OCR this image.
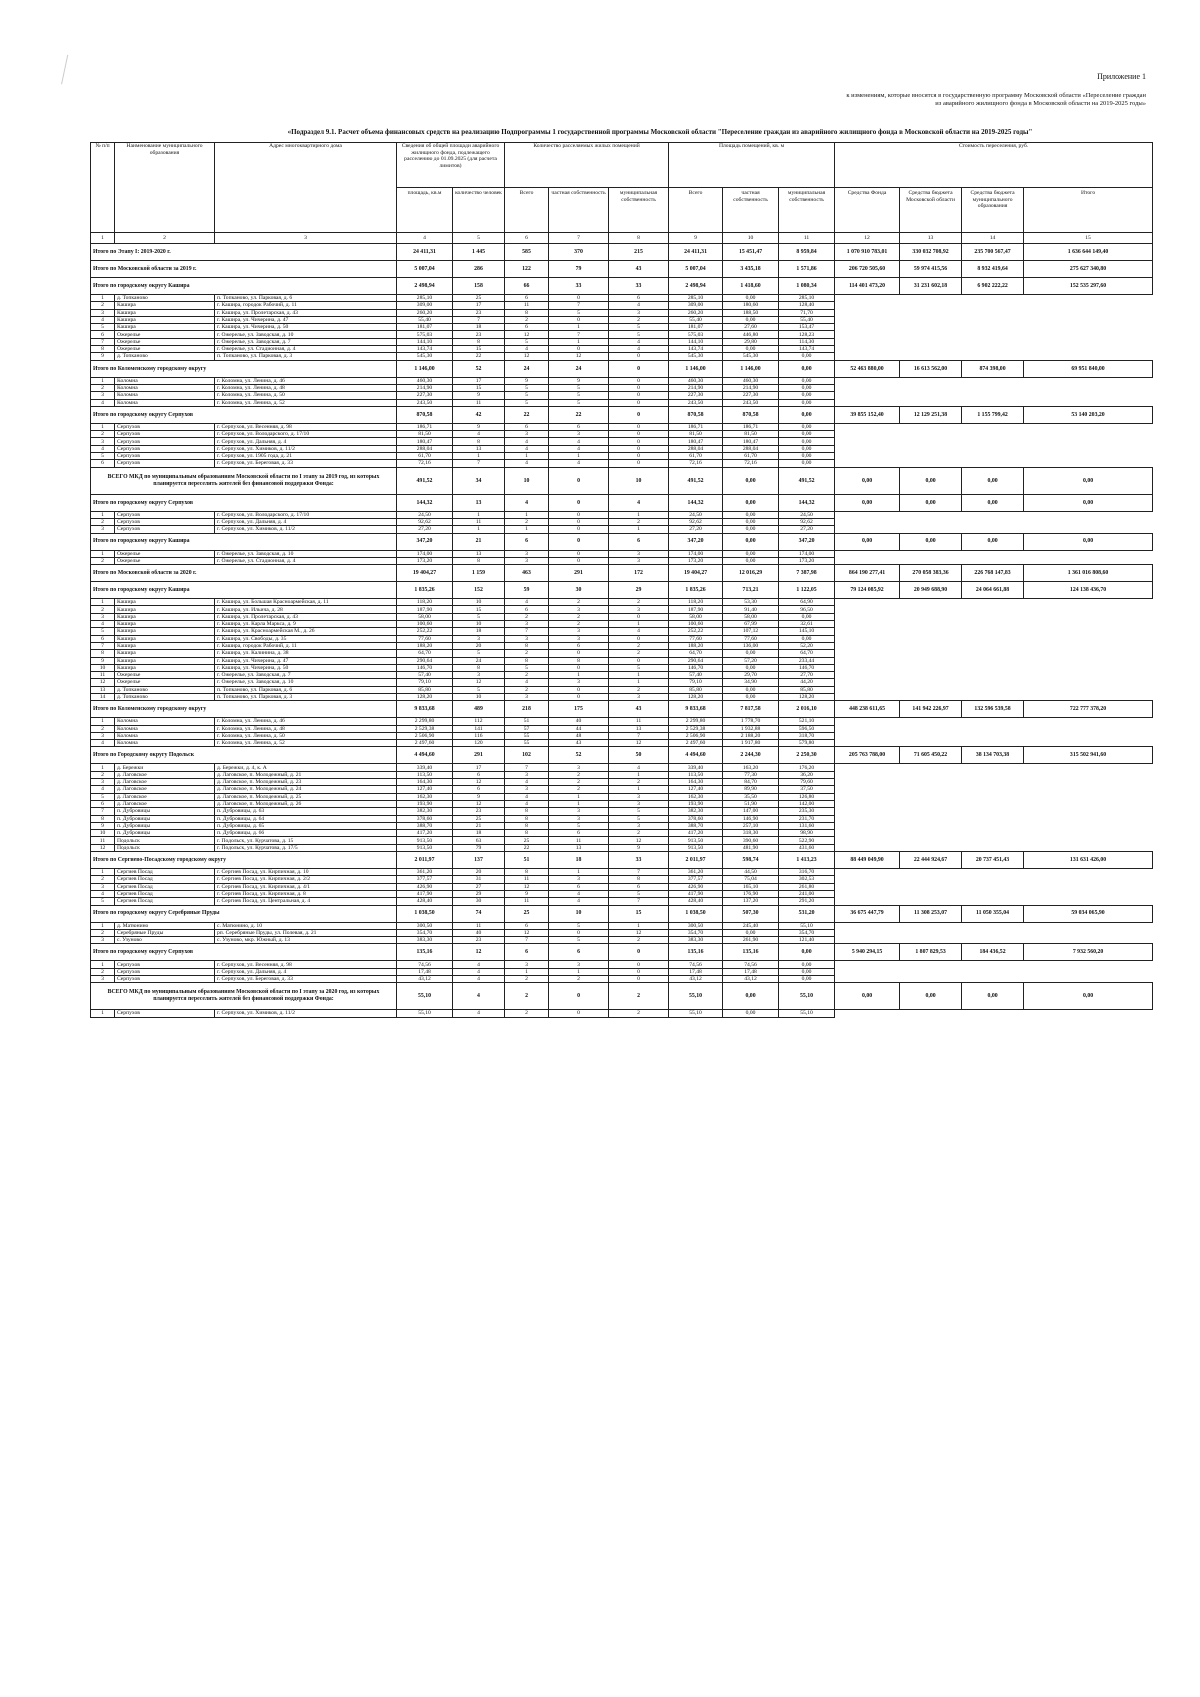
Приложение 1
к изменениям, которые вносятся в государственную программу Московской области «Переселение граждан из аварийного жилищного фонда в Московской области на 2019-2025 годы»
«Подраздел 9.1. Расчет объема финансовых средств на реализацию Подпрограммы 1 государственной программы Московской области "Переселение граждан из аварийного жилищного фонда в Московской области на 2019-2025 годы"
№ п/п	Наименование муниципального образования	Адрес многоквартирного дома	Сведения об общей площади аварийного жилищного фонда, подлежащего расселению до 01.09.2025 (для расчета лимитов)		Количество расселяемых жилых помещений			Площадь помещений, кв. м			Стоимость переселения, руб.			
			площадь, кв.м	количество человек	Всего	частная собственность	муниципальная собственность	Всего	частная собственность	муниципальная собственность	Средства Фонда	Средства бюджета Московской области	Средства бюджета муниципального образования	Итого
1	2	3	4	5	6	7	8	9	10	11	12	13	14	15
Итого по Этапу I: 2019-2020 г.			24 411,31	1 445	585	370	215	24 411,31	15 451,47	8 959,84	1 070 910 783,01	330 032 708,92	235 700 567,47	1 636 644 149,40
Итого по Московской области за 2019 г.			5 007,04	286	122	79	43	5 007,04	3 435,18	1 571,86	206 720 505,60	59 974 415,56	8 932 419,64	275 627 340,80
Итого по городскому округу Кашира			2 498,94	158	66	33	33	2 498,94	1 418,60	1 080,34	114 401 473,20	31 231 602,18	6 902 222,22	152 535 297,60
1	д. Топканово	п. Топканово, ул. Парковая, д. 6	285,10	25	6	0	6	285,10	0,00	285,10				
2	Кашира	г. Кашира, городок Рабочий, д. 11	309,00	17	11	7	4	309,00	180,60	128,40				
3	Кашира	г. Кашира, ул. Пролетарская, д. 43	260,20	23	8	5	3	260,20	188,50	71,70				
4	Кашира	г. Кашира, ул. Чичерина, д. 47	55,40	7	2	0	2	55,40	0,00	55,40				
5	Кашира	г. Кашира, ул. Чичерина, д. 50	181,07	18	6	1	5	181,07	27,60	153,47				
6	Ожерелье	г. Ожерелье, ул. Заводская, д. 10	575,03	23	12	7	5	575,03	446,80	128,23				
7	Ожерелье	г. Ожерелье, ул. Заводская, д. 7	144,10	8	5	1	4	144,10	29,80	114,30				
8	Ожерелье	г. Ожерелье, ул. Стадионная, д. 4	143,74	15	4	0	4	143,74	0,00	143,74				
9	д. Топканово	п. Топканово, ул. Парковая, д. 3	545,30	22	12	12	0	545,30	545,30	0,00				
Итого по Коломенскому городскому округу			1 146,00	52	24	24	0	1 146,00	1 146,00	0,00	52 463 880,00	16 613 562,00	874 398,00	69 951 840,00
1	Коломна	г. Коломна, ул. Ленина, д. 46	460,30	17	9	9	0	460,30	460,30	0,00				
2	Коломна	г. Коломна, ул. Ленина, д. 48	214,90	15	5	5	0	214,90	214,90	0,00				
3	Коломна	г. Коломна, ул. Ленина, д. 50	227,30	9	5	5	0	227,30	227,30	0,00				
4	Коломна	г. Коломна, ул. Ленина, д. 52	243,50	11	5	5	0	243,50	243,50	0,00				
Итого по городскому округу Серпухов			870,58	42	22	22	0	870,58	870,58	0,00	39 855 152,40	12 129 251,38	1 155 799,42	53 140 203,20
1	Серпухов	г. Серпухов, ул. Весенняя, д. 98	186,71	9	6	6	0	186,71	186,71	0,00				
2	Серпухов	г. Серпухов, ул. Володарского, д. 17/10	81,50	4	3	3	0	81,50	81,50	0,00				
3	Серпухов	г. Серпухов, ул. Дальняя, д. 4	180,47	8	4	4	0	180,47	180,47	0,00				
4	Серпухов	г. Серпухов, ул. Химиков, д. 11/2	288,04	13	4	4	0	288,04	288,04	0,00				
5	Серпухов	г. Серпухов, ул. 1905 года, д. 21	61,70	1	1	1	0	61,70	61,70	0,00				
6	Серпухов	г. Серпухов, ул. Береговая, д. 33	72,16	7	4	4	0	72,16	72,16	0,00				
ВСЕГО МКД по муниципальным образованиям Московской области по I этапу за 2019 год, из которых планируется переселить жителей без финансовой поддержки Фонда:			491,52	34	10	0	10	491,52	0,00	491,52	0,00	0,00	0,00	0,00
Итого по городскому округу Серпухов			144,32	13	4	0	4	144,32	0,00	144,32	0,00	0,00	0,00	0,00
1	Серпухов	г. Серпухов, ул. Володарского, д. 17/10	24,50	1	1	0	1	24,50	0,00	24,50				
2	Серпухов	г. Серпухов, ул. Дальняя, д. 4	92,62	11	2	0	2	92,62	0,00	92,62				
3	Серпухов	г. Серпухов, ул. Химиков, д. 11/2	27,20	1	1	0	1	27,20	0,00	27,20				
Итого по городскому округу Кашира			347,20	21	6	0	6	347,20	0,00	347,20	0,00	0,00	0,00	0,00
1	Ожерелье	г. Ожерелье, ул. Заводская, д. 10	174,00	13	3	0	3	174,00	0,00	174,00				
2	Ожерелье	г. Ожерелье, ул. Стадионная, д. 4	173,20	8	3	0	3	173,20	0,00	173,20				
Итого по Московской области за 2020 г.			19 404,27	1 159	463	291	172	19 404,27	12 016,29	7 387,98	864 190 277,41	270 058 383,36	226 768 147,83	1 361 016 808,60
Итого по городскому округу Кашира			1 835,26	152	59	30	29	1 835,26	713,21	1 122,05	79 124 085,92	20 949 688,90	24 064 661,88	124 138 436,70
1	Кашира	г. Кашира, ул. Большая Красноармейская, д. 11	118,20	10	4	2	2	118,20	53,30	64,90				
2	Кашира	г. Кашира, ул. Ильича, д. 28	187,90	15	6	3	3	187,90	91,40	96,50				
3	Кашира	г. Кашира, ул. Пролетарская, д. 43	58,00	5	2	2	0	58,00	58,00	0,00				
4	Кашира	г. Кашира, ул. Карла Маркса, д. 9	100,60	10	3	2	1	100,60	67,99	32,61				
5	Кашира	г. Кашира, ул. Красноармейская М., д. 26	252,22	18	7	3	4	252,22	107,12	145,10				
6	Кашира	г. Кашира, ул. Свободы, д. 35	77,60	3	3	3	0	77,60	77,60	0,00				
7	Кашира	г. Кашира, городок Рабочий, д. 11	188,20	20	8	6	2	188,20	136,00	52,20				
8	Кашира	г. Кашира, ул. Калинина, д. 38	64,70	5	2	0	2	64,70	0,00	64,70				
9	Кашира	г. Кашира, ул. Чичерина, д. 47	290,64	24	8	8	0	290,64	57,20	233,44				
10	Кашира	г. Кашира, ул. Чичерина, д. 50	146,70	8	5	0	5	146,70	0,00	146,70				
11	Ожерелье	г. Ожерелье, ул. Заводская, д. 7	57,40	3	2	1	1	57,40	29,70	27,70				
12	Ожерелье	г. Ожерелье, ул. Заводская, д. 10	79,10	12	4	3	1	79,10	34,90	44,20				
13	д. Топканово	п. Топканово, ул. Парковая, д. 6	85,80	5	2	0	2	85,80	0,00	85,80				
14	д. Топканово	п. Топканово, ул. Парковая, д. 3	128,20	10	3	0	3	128,20	0,00	128,20				
Итого по Коломенскому городскому округу			9 833,68	489	218	175	43	9 833,68	7 817,58	2 016,10	448 238 611,65	141 942 226,97	132 596 539,58	722 777 378,20
1	Коломна	г. Коломна, ул. Ленина, д. 46	2 299,80	112	51	40	11	2 299,80	1 778,70	521,10				
2	Коломна	г. Коломна, ул. Ленина, д. 48	2 529,38	141	57	44	13	2 529,38	1 932,88	596,50				
3	Коломна	г. Коломна, ул. Ленина, д. 50	2 506,90	116	55	48	7	2 506,90	2 188,20	318,70				
4	Коломна	г. Коломна, ул. Ленина, д. 52	2 497,60	120	55	43	12	2 497,60	1 917,80	579,80				
Итого по Городскому округу Подольск			4 494,60	291	102	52	50	4 494,60	2 244,30	2 250,30	205 763 788,00	71 605 450,22	38 134 703,38	315 502 941,60
1	д. Бережки	д. Бережки, д. 4, к. А	339,40	17	7	3	4	339,40	163,20	176,20				
2	д. Лаговское	д. Лаговское, п. Молодежный, д. 21	113,50	6	3	2	1	113,50	77,30	36,20				
3	д. Лаговское	д. Лаговское, п. Молодежный, д. 23	164,30	12	4	2	2	164,30	84,70	79,60				
4	д. Лаговское	д. Лаговское, п. Молодежный, д. 24	127,40	6	3	2	1	127,40	89,90	37,50				
5	д. Лаговское	д. Лаговское, п. Молодежный, д. 25	162,30	9	4	1	3	162,30	35,50	126,80				
6	д. Лаговское	д. Лаговское, п. Молодежный, д. 26	193,90	12	4	1	3	193,90	51,90	142,00				
7	п. Дубровицы	п. Дубровицы, д. 63	382,30	23	8	3	5	382,30	147,00	235,30				
8	п. Дубровицы	п. Дубровицы, д. 64	378,60	25	8	3	5	378,60	146,90	231,70				
9	п. Дубровицы	п. Дубровицы, д. 65	388,70	21	8	5	3	388,70	257,10	131,60				
10	п. Дубровицы	п. Дубровицы, д. 66	417,20	18	8	6	2	417,20	318,30	98,90				
11	Подольск	г. Подольск, ул. Курчатова, д. 15	913,50	63	25	11	12	913,50	390,60	522,90				
12	Подольск	г. Подольск, ул. Курчатова, д. 17/5	913,50	79	22	13	9	913,50	481,90	431,60				
Итого по Сергиево-Посадскому городскому округу			2 011,97	137	51	18	33	2 011,97	598,74	1 413,23	88 449 049,90	22 444 924,67	20 737 451,43	131 631 426,00
1	Сергиев Посад	г. Сергиев Посад, ул. Кирпичная, д. 10	361,20	20	8	1	7	361,20	44,50	316,70				
2	Сергиев Посад	г. Сергиев Посад, ул. Кирпичная, д. 2/2	377,57	31	11	3	8	377,57	75,04	302,53				
3	Сергиев Посад	г. Сергиев Посад, ул. Кирпичная, д. 4/1	426,90	27	12	6	6	426,90	165,10	261,80				
4	Сергиев Посад	г. Сергиев Посад, ул. Кирпичная, д. 8	417,90	29	9	4	5	417,90	176,90	241,00				
5	Сергиев Посад	г. Сергиев Посад, ул. Центральная, д. 4	428,40	30	11	4	7	428,40	137,20	291,20				
Итого по городскому округу Серебряные Пруды			1 038,50	74	25	10	15	1 038,50	507,30	531,20	36 675 447,79	11 308 253,07	11 050 355,04	59 034 065,90
1	д. Матюнино	с. Матюнино, д. 10	300,50	11	6	5	1	300,50	245,40	55,10				
2	Серебряные Пруды	рп. Серебряные Пруды, ул. Полевая, д. 21	354,70	40	12	0	12	354,70	0,00	354,70				
3	с. Узуново	с. Узуново, мкр. Южный, д. 13	383,30	23	7	5	2	383,30	261,90	121,40				
Итого по городскому округу Серпухов			135,16	12	6	6	0	135,16	135,16	0,00	5 940 294,15	1 807 829,53	184 436,52	7 932 560,20
1	Серпухов	г. Серпухов, ул. Весенняя, д. 98	74,56	4	3	3	0	74,56	74,56	0,00				
2	Серпухов	г. Серпухов, ул. Дальняя, д. 4	17,48	4	1	1	0	17,48	17,48	0,00				
3	Серпухов	г. Серпухов, ул. Береговая, д. 33	43,12	4	2	2	0	43,12	43,12	0,00				
ВСЕГО МКД по муниципальным образованиям Московской области по I этапу за 2020 год, из которых планируется переселить жителей без финансовой поддержки Фонда:			55,10	4	2	0	2	55,10	0,00	55,10	0,00	0,00	0,00	0,00
1	Серпухов	г. Серпухов, ул. Химиков, д. 11/2	55,10	4	2	0	2	55,10	0,00	55,10				
